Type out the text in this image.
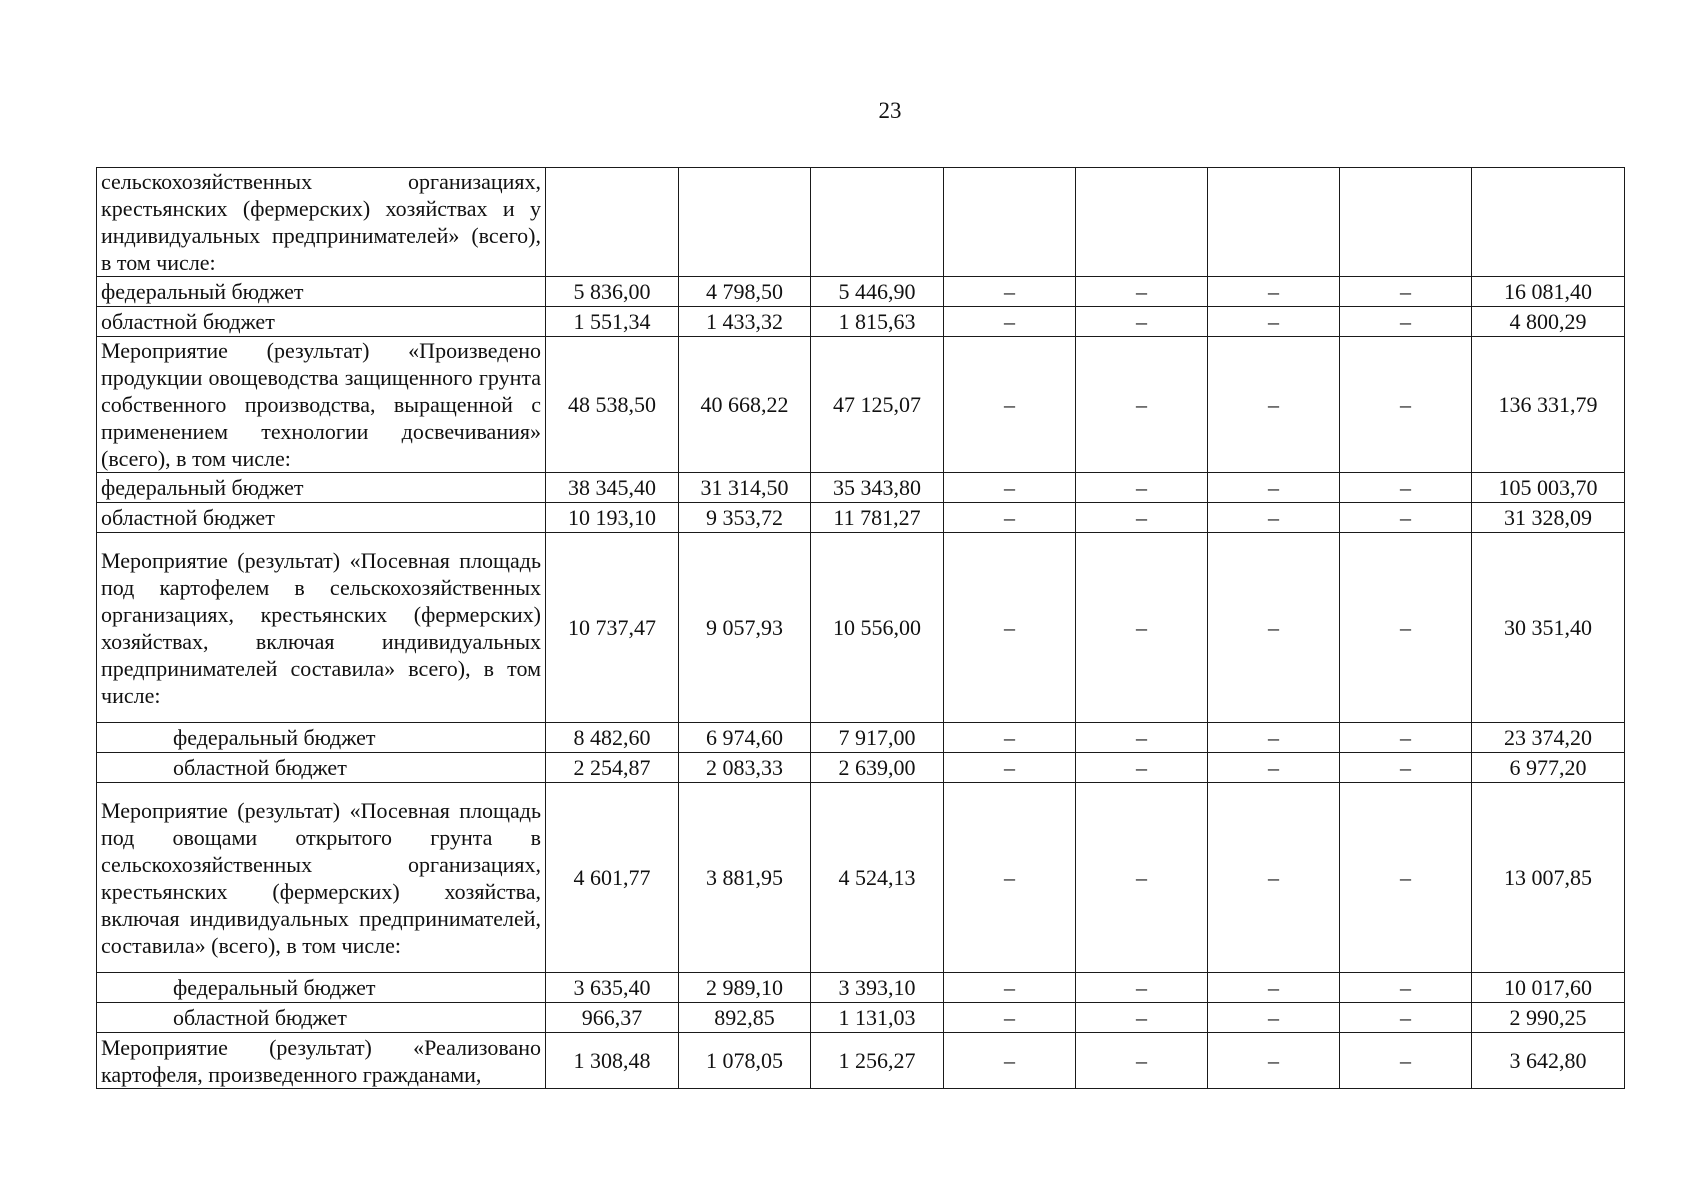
23
сельскохозяйственных организациях, крестьянских (фермерских) хозяйствах и у индивидуальных предпринимателей» (всего), в том числе:								
федеральный бюджет	5 836,00	4 798,50	5 446,90	–	–	–	–	16 081,40
областной бюджет	1 551,34	1 433,32	1 815,63	–	–	–	–	4 800,29
Мероприятие (результат) «Произведено продукции овощеводства защищенного грунта собственного производства, выращенной с применением технологии досвечивания» (всего), в том числе:	48 538,50	40 668,22	47 125,07	–	–	–	–	136 331,79
федеральный бюджет	38 345,40	31 314,50	35 343,80	–	–	–	–	105 003,70
областной бюджет	10 193,10	9 353,72	11 781,27	–	–	–	–	31 328,09
Мероприятие (результат) «Посевная площадь под картофелем в сельскохозяйственных организациях, крестьянских (фермерских) хозяйствах, включая индивидуальных предпринимателей составила» всего), в том числе:	10 737,47	9 057,93	10 556,00	–	–	–	–	30 351,40
федеральный бюджет	8 482,60	6 974,60	7 917,00	–	–	–	–	23 374,20
областной бюджет	2 254,87	2 083,33	2 639,00	–	–	–	–	6 977,20
Мероприятие (результат) «Посевная площадь под овощами открытого грунта в сельскохозяйственных организациях, крестьянских (фермерских) хозяйства, включая индивидуальных предпринимателей, составила» (всего), в том числе:	4 601,77	3 881,95	4 524,13	–	–	–	–	13 007,85
федеральный бюджет	3 635,40	2 989,10	3 393,10	–	–	–	–	10 017,60
областной бюджет	966,37	892,85	1 131,03	–	–	–	–	2 990,25
Мероприятие (результат) «Реализовано картофеля, произведенного гражданами,	1 308,48	1 078,05	1 256,27	–	–	–	–	3 642,80
